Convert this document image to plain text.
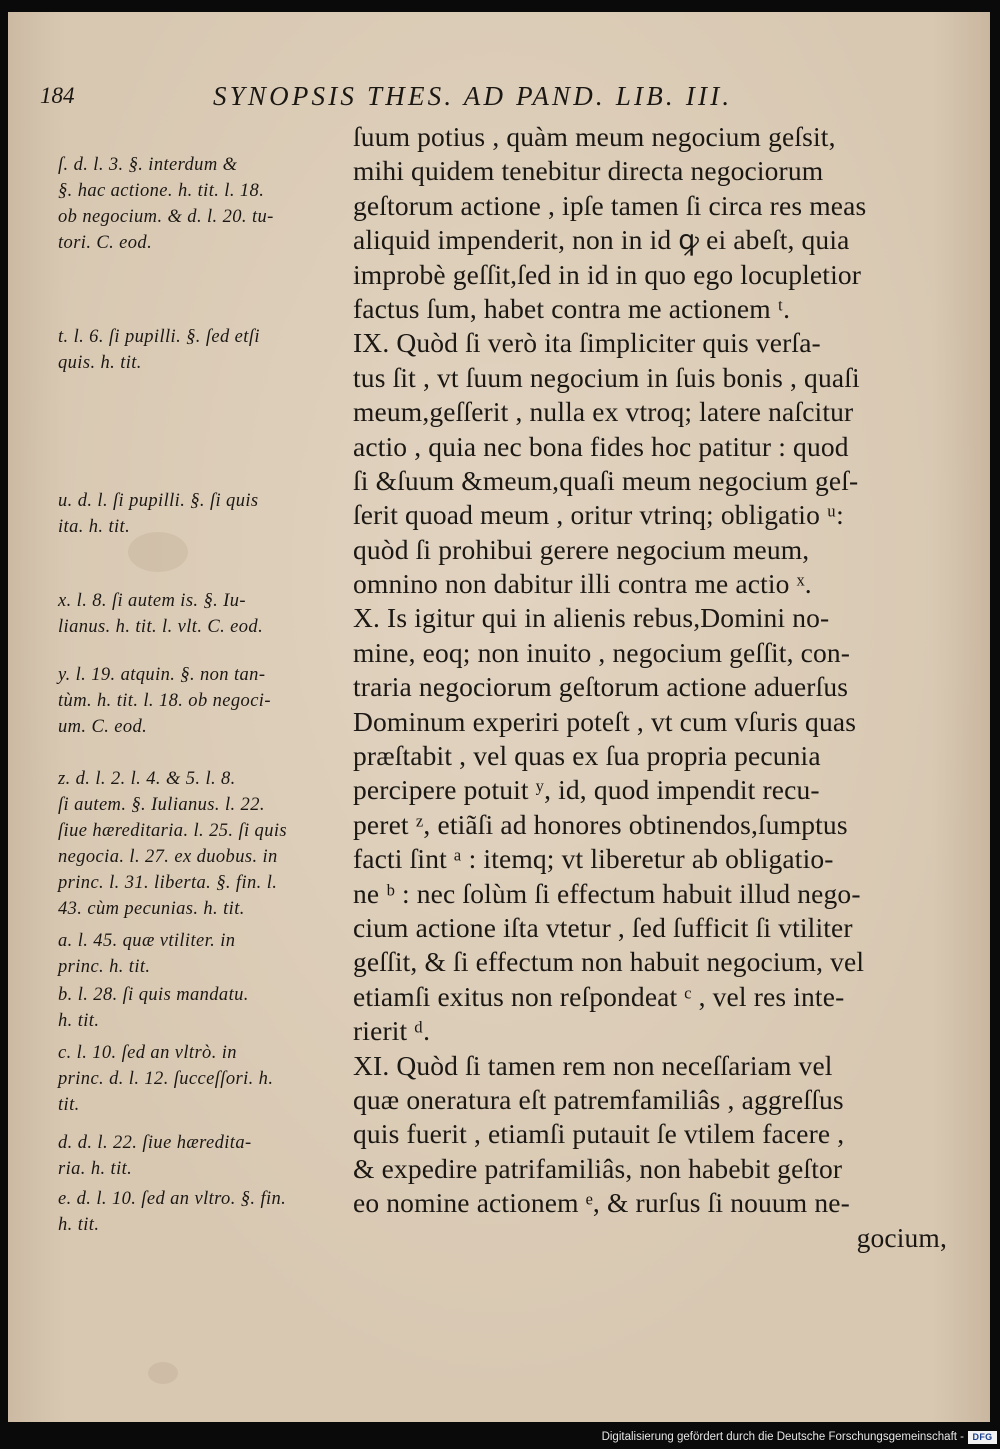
184	SYNOPSIS THES. AD PAND. LIB. III.
ſuum potius , quàm meum negocium geſsit,
mihi quidem tenebitur directa negociorum
geſtorum actione , ipſe tamen ſi circa res meas
aliquid impenderit, non in id ꝙ ei abeſt, quia
improbè geſſit,ſed in id in quo ego locupletior
factus ſum, habet contra me actionem ᵗ.
IX. Quòd ſi verò ita ſimpliciter quis verſa-
tus ſit , vt ſuum negocium in ſuis bonis , quaſi
meum,geſſerit , nulla ex vtroq; latere naſcitur
actio , quia nec bona fides hoc patitur : quod
ſi &ſuum &meum,quaſi meum negocium geſ-
ſerit quoad meum , oritur vtrinq; obligatio ᵘ:
quòd ſi prohibui gerere negocium meum,
omnino non dabitur illi contra me actio ˣ.
X. Is igitur qui in alienis rebus,Domini no-
mine, eoq; non inuito , negocium geſſit, con-
traria negociorum geſtorum actione aduerſus
Dominum experiri poteſt , vt cum vſuris quas
præſtabit , vel quas ex ſua propria pecunia
percipere potuit ʸ, id, quod impendit recu-
peret ᶻ, etiãſi ad honores obtinendos,ſumptus
facti ſint ᵃ : itemq; vt liberetur ab obligatio-
ne ᵇ : nec ſolùm ſi effectum habuit illud nego-
cium actione iſta vtetur , ſed ſufficit ſi vtiliter
geſſit, & ſi effectum non habuit negocium, vel
etiamſi exitus non reſpondeat ᶜ , vel res inte-
rierit ᵈ.
XI. Quòd ſi tamen rem non neceſſariam vel
quæ oneratura eſt patremfamiliâs , aggreſſus
quis fuerit , etiamſi putauit ſe vtilem facere ,
& expedire patrifamiliâs, non habebit geſtor
eo nomine actionem ᵉ, & rurſus ſi nouum ne-
gocium,
ſ. d. l. 3. §. interdum &
§. hac actione. h. tit. l. 18.
ob negocium. & d. l. 20. tu-
tori. C. eod.
t. l. 6. ſi pupilli. §. ſed etſi
quis. h. tit.
u. d. l. ſi pupilli. §. ſi quis
ita. h. tit.
x. l. 8. ſi autem is. §. Iu-
lianus. h. tit. l. vlt. C. eod.
y. l. 19. atquin. §. non tan-
tùm. h. tit. l. 18. ob negoci-
um. C. eod.
z. d. l. 2. l. 4. & 5. l. 8.
ſi autem. §. Iulianus. l. 22.
ſiue hæreditaria. l. 25. ſi quis
negocia. l. 27. ex duobus. in
princ. l. 31. liberta. §. fin. l.
43. cùm pecunias. h. tit.
a. l. 45. quæ vtiliter. in
princ. h. tit.
b. l. 28. ſi quis mandatu.
h. tit.
c. l. 10. ſed an vltrò. in
princ. d. l. 12. ſucceſſori. h.
tit.
d. d. l. 22. ſiue hæredita-
ria. h. tit.
e. d. l. 10. ſed an vltro. §. fin.
h. tit.
Digitalisierung gefördert durch die Deutsche Forschungsgemeinschaft - DFG
